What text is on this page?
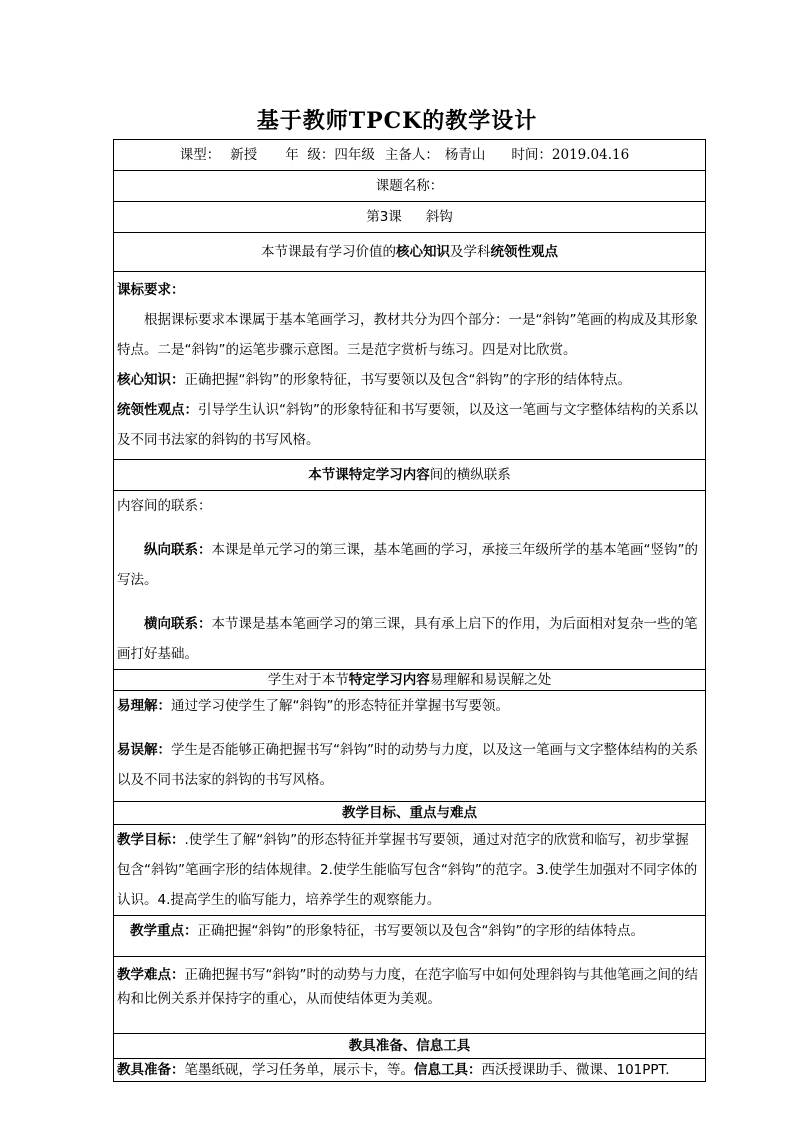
基于教师TPCK的教学设计
课型： 新授 年  级：四年级 主备人： 杨青山 时间：2019.04.16
课题名称：
第3课 斜钩
本节课最有学习价值的核心知识及学科统领性观点

课标要求：

根据课标要求本课属于基本笔画学习，教材共分为四个部分：一是“斜钩”笔画的构成及其形象特点。二是“斜钩”的运笔步骤示意图。三是范字赏析与练习。四是对比欣赏。

核心知识：正确把握“斜钩”的形象特征，书写要领以及包含“斜钩”的字形的结体特点。

统领性观点：引导学生认识“斜钩”的形象特征和书写要领，以及这一笔画与文字整体结构的关系以及不同书法家的斜钩的书写风格。

本节课特定学习内容间的横纵联系

内容间的联系：

纵向联系：本课是单元学习的第三课，基本笔画的学习，承接三年级所学的基本笔画“竖钩”的写法。

横向联系：本节课是基本笔画学习的第三课，具有承上启下的作用，为后面相对复杂一些的笔画打好基础。

学生对于本节特定学习内容易理解和易误解之处

易理解：通过学习使学生了解“斜钩”的形态特征并掌握书写要领。

易误解：学生是否能够正确把握书写“斜钩”时的动势与力度，以及这一笔画与文字整体结构的关系以及不同书法家的斜钩的书写风格。

教学目标、重点与难点

教学目标：.使学生了解“斜钩”的形态特征并掌握书写要领，通过对范字的欣赏和临写，初步掌握包含“斜钩”笔画字形的结体规律。2.使学生能临写包含“斜钩”的范字。3.使学生加强对不同字体的认识。4.提高学生的临写能力，培养学生的观察能力。

教学重点：正确把握“斜钩”的形象特征，书写要领以及包含“斜钩”的字形的结体特点。

教学难点：正确把握书写“斜钩”时的动势与力度，在范字临写中如何处理斜钩与其他笔画之间的结构和比例关系并保持字的重心，从而使结体更为美观。

教具准备、信息工具

教具准备：笔墨纸砚，学习任务单，展示卡，等。信息工具：西沃授课助手、微课、101PPT.
